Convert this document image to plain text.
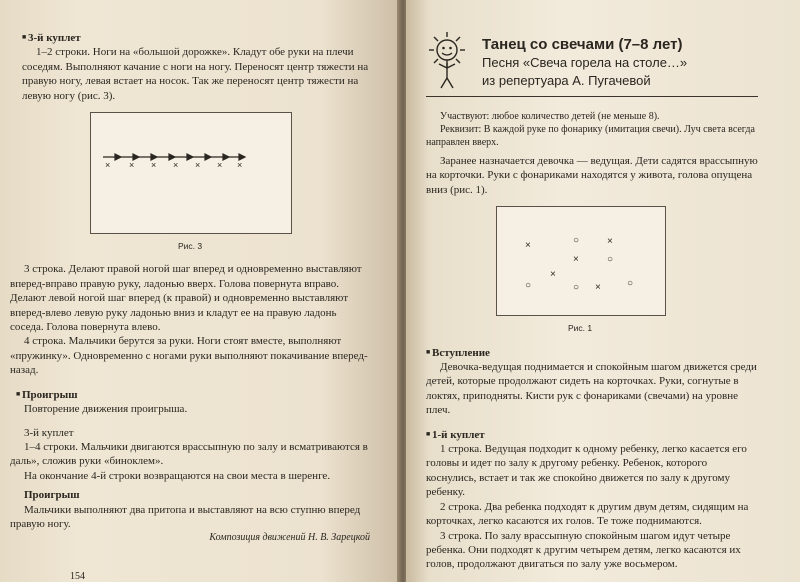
■ 3-й куплет

1–2 строки. Ноги на «большой дорожке». Кладут обе руки на плечи соседям. Выполняют качание с ноги на ногу. Переносят центр тяжести на правую ногу, левая встает на носок. Так же переносят центр тяжести на левую ногу (рис. 3).

× × × × × × ×

Рис. 3

3 строка. Делают правой ногой шаг вперед и одновременно выставляют вперед-вправо правую руку, ладонью вверх. Голова повернута вправо. Делают левой ногой шаг вперед (к правой) и одновременно выставляют вперед-влево левую руку ладонью вниз и кладут ее на правую ладонь соседа. Голова повернута влево.

4 строка. Мальчики берутся за руки. Ноги стоят вместе, выполняют «пружинку». Одновременно с ногами руки выполняют покачивание вперед-назад.

■ Проигрыш

Повторение движения проигрыша.

3-й куплет

1–4 строки. Мальчики двигаются врассыпную по залу и всматриваются в даль», сложив руки «биноклем».

На окончание 4-й строки возвращаются на свои места в шеренге.

Проигрыш

Мальчики выполняют два притопа и выставляют на всю ступню вперед правую ногу.

Композиция движений Н. В. Зарецкой

154
Танец со свечами (7–8 лет)
Песня «Свеча горела на столе…»
из репертуара А. Пугачевой

Участвуют: любое количество детей (не меньше 8).

Реквизит: В каждой руке по фонарику (имитация свечи). Луч света всегда направлен вверх.

Заранее назначается девочка — ведущая. Дети садятся врассыпную на корточки. Руки с фонариками находятся у живота, голова опущена вниз (рис. 1).

×	○	×
×	○
×
○	○ ×	○

Рис. 1

■ Вступление

Девочка-ведущая поднимается и спокойным шагом движется среди детей, которые продолжают сидеть на корточках. Руки, согнутые в локтях, приподняты. Кисти рук с фонариками (свечами) на уровне плеч.

■ 1-й куплет

1 строка. Ведущая подходит к одному ребенку, легко касается его головы и идет по залу к другому ребенку. Ребенок, которого коснулись, встает и так же спокойно движется по залу к другому ребенку.

2 строка. Два ребенка подходят к другим двум детям, сидящим на корточках, легко касаются их голов. Те тоже поднимаются.

3 строка. По залу врассыпную спокойным шагом идут четыре ребенка. Они подходят к другим четырем детям, легко касаются их голов, продолжают двигаться по залу уже восьмером.
